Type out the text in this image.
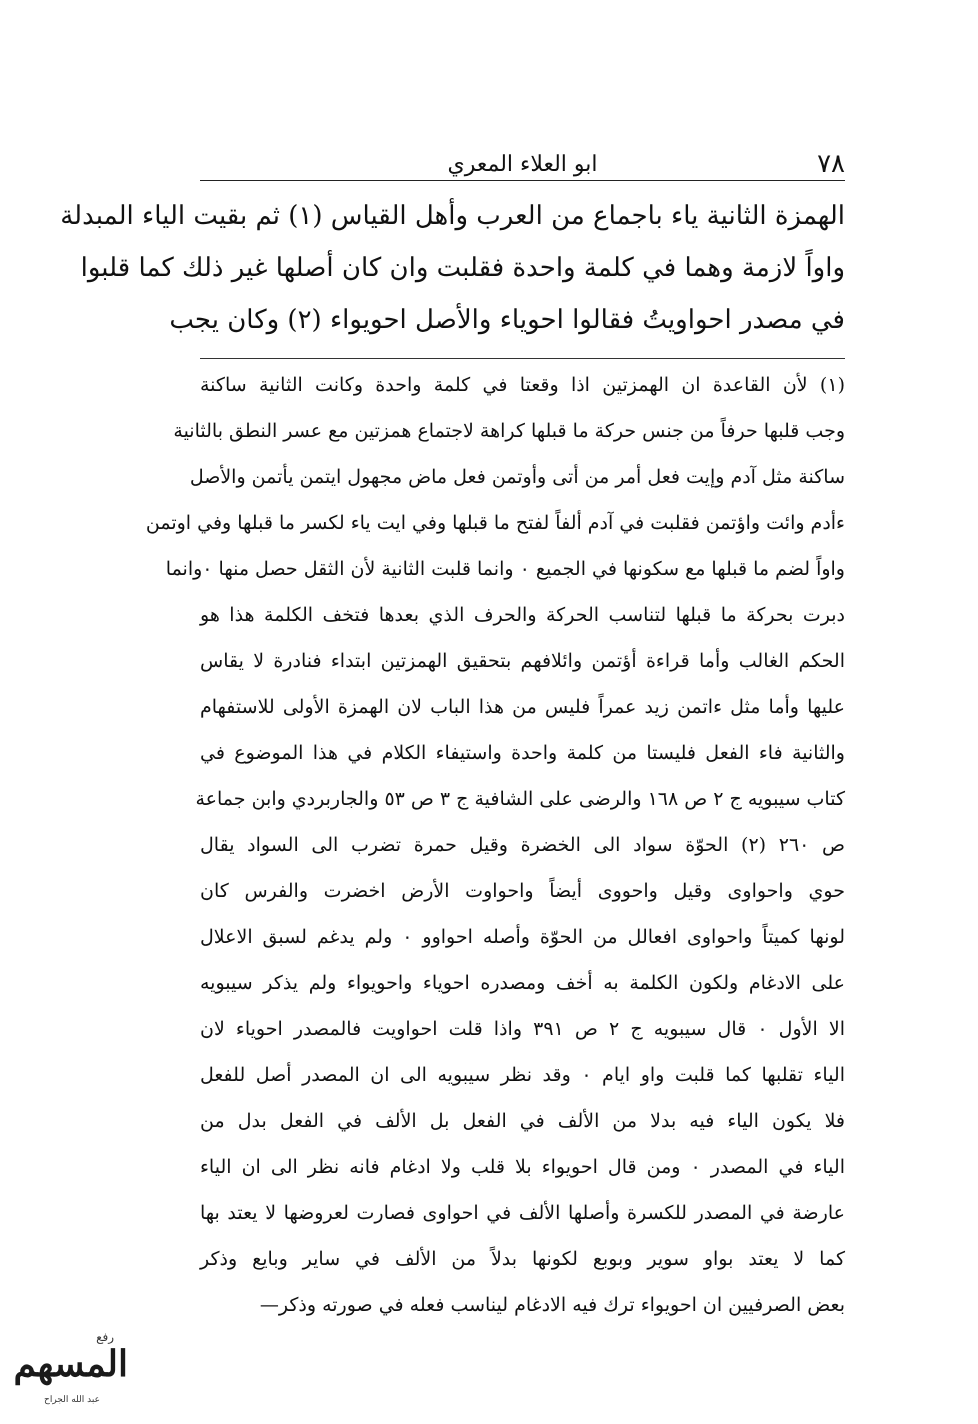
٧٨
ابو العلاء المعري
الهمزة الثانية ياء باجماع من العرب وأهل القياس (١) ثم بقيت الياء المبدلة
واواً لازمة وهما في كلمة واحدة فقلبت وان كان أصلها غير ذلك كما قلبوا
في مصدر احواويتُ فقالوا احوياء والأصل احويواء (٢) وكان يجب
(١) لأن القاعدة ان الهمزتين اذا وقعتا في كلمة واحدة وكانت الثانية ساكنة
وجب قلبها حرفاً من جنس حركة ما قبلها كراهة لاجتماع همزتين مع عسر النطق بالثانية
ساكنة مثل آدم وإيت فعل أمر من أتى وأوتمن فعل ماض مجهول ايتمن يأتمن والأصل
ءأدم وائت واؤتمن فقلبت في آدم ألفاً لفتح ما قبلها وفي ايت ياء لكسر ما قبلها وفي اوتمن
واواً لضم ما قبلها مع سكونها في الجميع ٠ وانما قلبت الثانية لأن الثقل حصل منها ٠وانما
دبرت بحركة ما قبلها لتناسب الحركة والحرف الذي بعدها فتخف الكلمة هذا هو
الحكم الغالب وأما قراءة أؤتمن وائلافهم بتحقيق الهمزتين ابتداء فنادرة لا يقاس
عليها وأما مثل ءاتمن زيد عمراً فليس من هذا الباب لان الهمزة الأولى للاستفهام
والثانية فاء الفعل فليستا من كلمة واحدة واستيفاء الكلام في هذا الموضوع في
كتاب سيبويه ج ٢ ص ١٦٨ والرضى على الشافية ج ٣ ص ٥٣ والجاربردي وابن جماعة
ص ٢٦٠ (٢) الحوّة سواد الى الخضرة وقيل حمرة تضرب الى السواد يقال
حوي واحواوى وقيل واحووى أيضاً واحواوت الأرض اخضرت والفرس كان
لونها كميتاً واحواوى افعالل من الحوّة وأصله احواوو ٠ ولم يدغم لسبق الاعلال
على الادغام ولكون الكلمة به أخف ومصدره احوياء واحويواء ولم يذكر سيبويه
الا الأول ٠ قال سيبويه ج ٢ ص ٣٩١ واذا قلت احواويت فالمصدر احوياء لان
الياء تقلبها كما قلبت واو ايام ٠ وقد نظر سيبويه الى ان المصدر أصل للفعل
فلا يكون الياء فيه بدلا من الألف في الفعل بل الألف في الفعل بدل من
الياء في المصدر ٠ ومن قال احويواء بلا قلب ولا ادغام فانه نظر الى ان الياء
عارضة في المصدر للكسرة وأصلها الألف في احواوى فصارت لعروضها لا يعتد بها
كما لا يعتد بواو سوير وبوبع لكونها بدلاً من الألف في ساير وبايع وذكر
بعض الصرفيين ان احويواء ترك فيه الادغام ليناسب فعله في صورته وذكر—
رفع
المسهم
عبد الله الجراح
